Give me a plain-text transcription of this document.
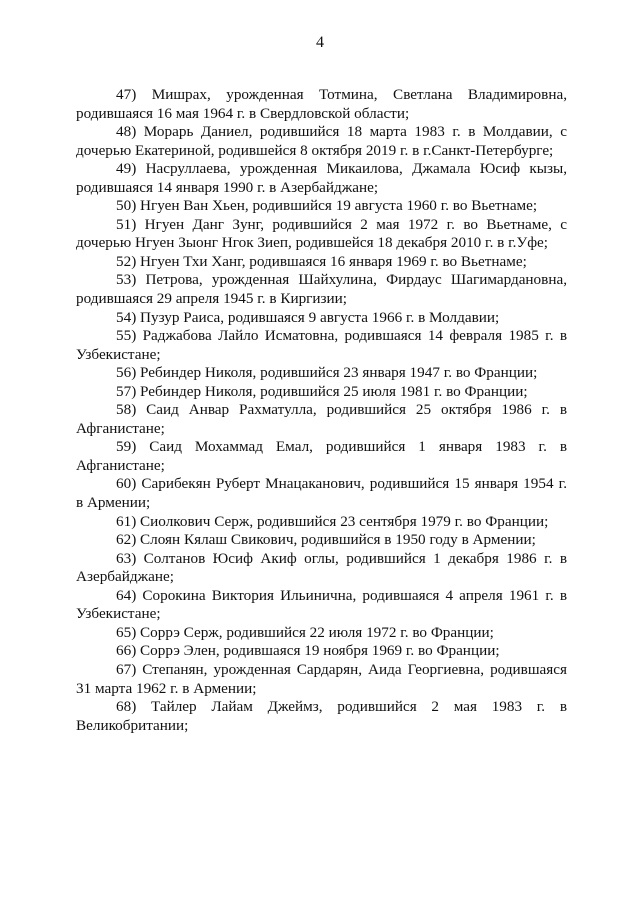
4

47) Мишрах, урожденная Тотмина, Светлана Владимировна, родившаяся 16 мая 1964 г. в Свердловской области;

48) Морарь Даниел, родившийся 18 марта 1983 г. в Молдавии, с дочерью Екатериной, родившейся 8 октября 2019 г. в г.Санкт-Петербурге;

49) Насруллаева, урожденная Микаилова, Джамала Юсиф кызы, родившаяся 14 января 1990 г. в Азербайджане;

50) Нгуен Ван Хьен, родившийся 19 августа 1960 г. во Вьетнаме;

51) Нгуен Данг Зунг, родившийся 2 мая 1972 г. во Вьетнаме, с дочерью Нгуен Зыонг Нгок Зиеп, родившейся 18 декабря 2010 г. в г.Уфе;

52) Нгуен Тхи Ханг, родившаяся 16 января 1969 г. во Вьетнаме;

53) Петрова, урожденная Шайхулина, Фирдаус Шагимардановна, родившаяся 29 апреля 1945 г. в Киргизии;

54) Пузур Раиса, родившаяся 9 августа 1966 г. в Молдавии;

55) Раджабова Лайло Исматовна, родившаяся 14 февраля 1985 г. в Узбекистане;

56) Ребиндер Николя, родившийся 23 января 1947 г. во Франции;

57) Ребиндер Николя, родившийся 25 июля 1981 г. во Франции;

58) Саид Анвар Рахматулла, родившийся 25 октября 1986 г. в Афганистане;

59) Саид Мохаммад Емал, родившийся 1 января 1983 г. в Афганистане;

60) Сарибекян Руберт Мнацаканович, родившийся 15 января 1954 г. в Армении;

61) Сиолкович Серж, родившийся 23 сентября 1979 г. во Франции;

62) Слоян Кялаш Свикович, родившийся в 1950 году в Армении;

63) Солтанов Юсиф Акиф оглы, родившийся 1 декабря 1986 г. в Азербайджане;

64) Сорокина Виктория Ильинична, родившаяся 4 апреля 1961 г. в Узбекистане;

65) Соррэ Серж, родившийся 22 июля 1972 г. во Франции;

66) Соррэ Элен, родившаяся 19 ноября 1969 г. во Франции;

67) Степанян, урожденная Сардарян, Аида Георгиевна, родившаяся 31 марта 1962 г. в Армении;

68) Тайлер Лайам Джеймз, родившийся 2 мая 1983 г. в Великобритании;
